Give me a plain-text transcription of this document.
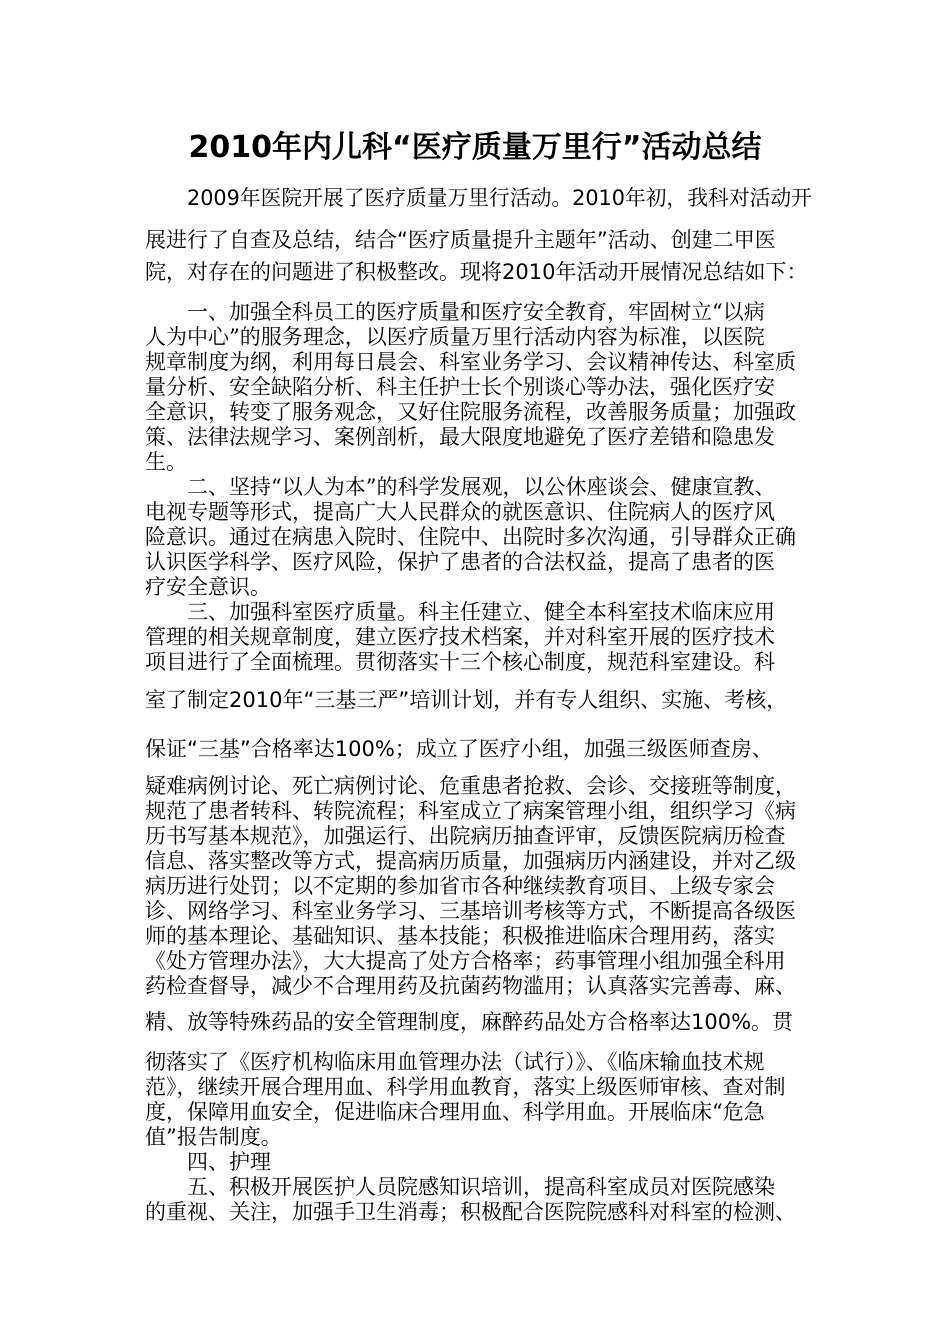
2010年内儿科“医疗质量万里行”活动总结
2009年医院开展了医疗质量万里行活动。2010年初，我科对活动开
展进行了自查及总结，结合“医疗质量提升主题年”活动、创建二甲医
院，对存在的问题进了积极整改。现将2010年活动开展情况总结如下：
一、加强全科员工的医疗质量和医疗安全教育，牢固树立“以病
人为中心”的服务理念，以医疗质量万里行活动内容为标准，以医院
规章制度为纲，利用每日晨会、科室业务学习、会议精神传达、科室质
量分析、安全缺陷分析、科主任护士长个别谈心等办法，强化医疗安
全意识，转变了服务观念，又好住院服务流程，改善服务质量；加强政
策、法律法规学习、案例剖析，最大限度地避免了医疗差错和隐患发
生。
二、坚持“以人为本”的科学发展观，以公休座谈会、健康宣教、
电视专题等形式，提高广大人民群众的就医意识、住院病人的医疗风
险意识。通过在病患入院时、住院中、出院时多次沟通，引导群众正确
认识医学科学、医疗风险，保护了患者的合法权益，提高了患者的医
疗安全意识。
三、加强科室医疗质量。科主任建立、健全本科室技术临床应用
管理的相关规章制度，建立医疗技术档案，并对科室开展的医疗技术
项目进行了全面梳理。贯彻落实十三个核心制度，规范科室建设。科
室了制定2010年“三基三严”培训计划，并有专人组织、实施、考核，
保证“三基”合格率达100%；成立了医疗小组，加强三级医师查房、
疑难病例讨论、死亡病例讨论、危重患者抢救、会诊、交接班等制度，
规范了患者转科、转院流程；科室成立了病案管理小组，组织学习《病
历书写基本规范》，加强运行、出院病历抽查评审，反馈医院病历检查
信息、落实整改等方式，提高病历质量，加强病历内涵建设，并对乙级
病历进行处罚；以不定期的参加省市各种继续教育项目、上级专家会
诊、网络学习、科室业务学习、三基培训考核等方式，不断提高各级医
师的基本理论、基础知识、基本技能；积极推进临床合理用药，落实
《处方管理办法》，大大提高了处方合格率；药事管理小组加强全科用
药检查督导，减少不合理用药及抗菌药物滥用；认真落实完善毒、麻、
精、放等特殊药品的安全管理制度，麻醉药品处方合格率达100%。贯
彻落实了《医疗机构临床用血管理办法（试行）》、《临床输血技术规
范》，继续开展合理用血、科学用血教育，落实上级医师审核、查对制
度，保障用血安全，促进临床合理用血、科学用血。开展临床“危急
值”报告制度。
四、护理
五、积极开展医护人员院感知识培训，提高科室成员对医院感染
的重视、关注，加强手卫生消毒；积极配合医院院感科对科室的检测、
